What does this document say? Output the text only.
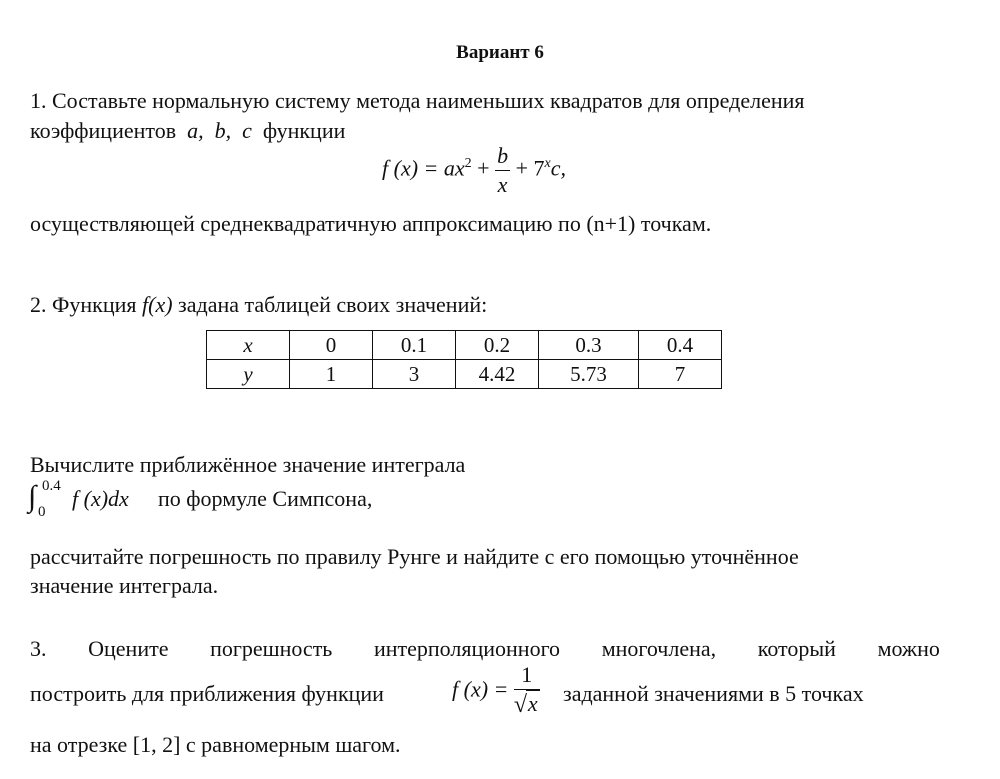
Вариант 6
1. Составьте нормальную систему метода наименьших квадратов для определения
коэффициентов a, b, c функции
f $(x) = ax^2 + \frac{b}{x} + 7^xc$,
осуществляющей среднеквадратичную аппроксимацию по (n+1) точкам.
2. Функция f(x) задана таблицей своих значений:
x	0	0.1	0.2	0.3	0.4
y	1	3	4.42	5.73	7
Вычислите приближённое значение интеграла
∫ 0.4
0
f (x)dx по формуле Симпсона,
рассчитайте погрешность по правилу Рунге и найдите с его помощью уточнённое
значение интеграла.
3. Оцените погрешность интерполяционного многочлена, который можно
построить для приближения функции	f $(x) = \frac{1}{√ x}$ заданной значениями в 5 точках
на отрезке [1, 2] с равномерным шагом.
